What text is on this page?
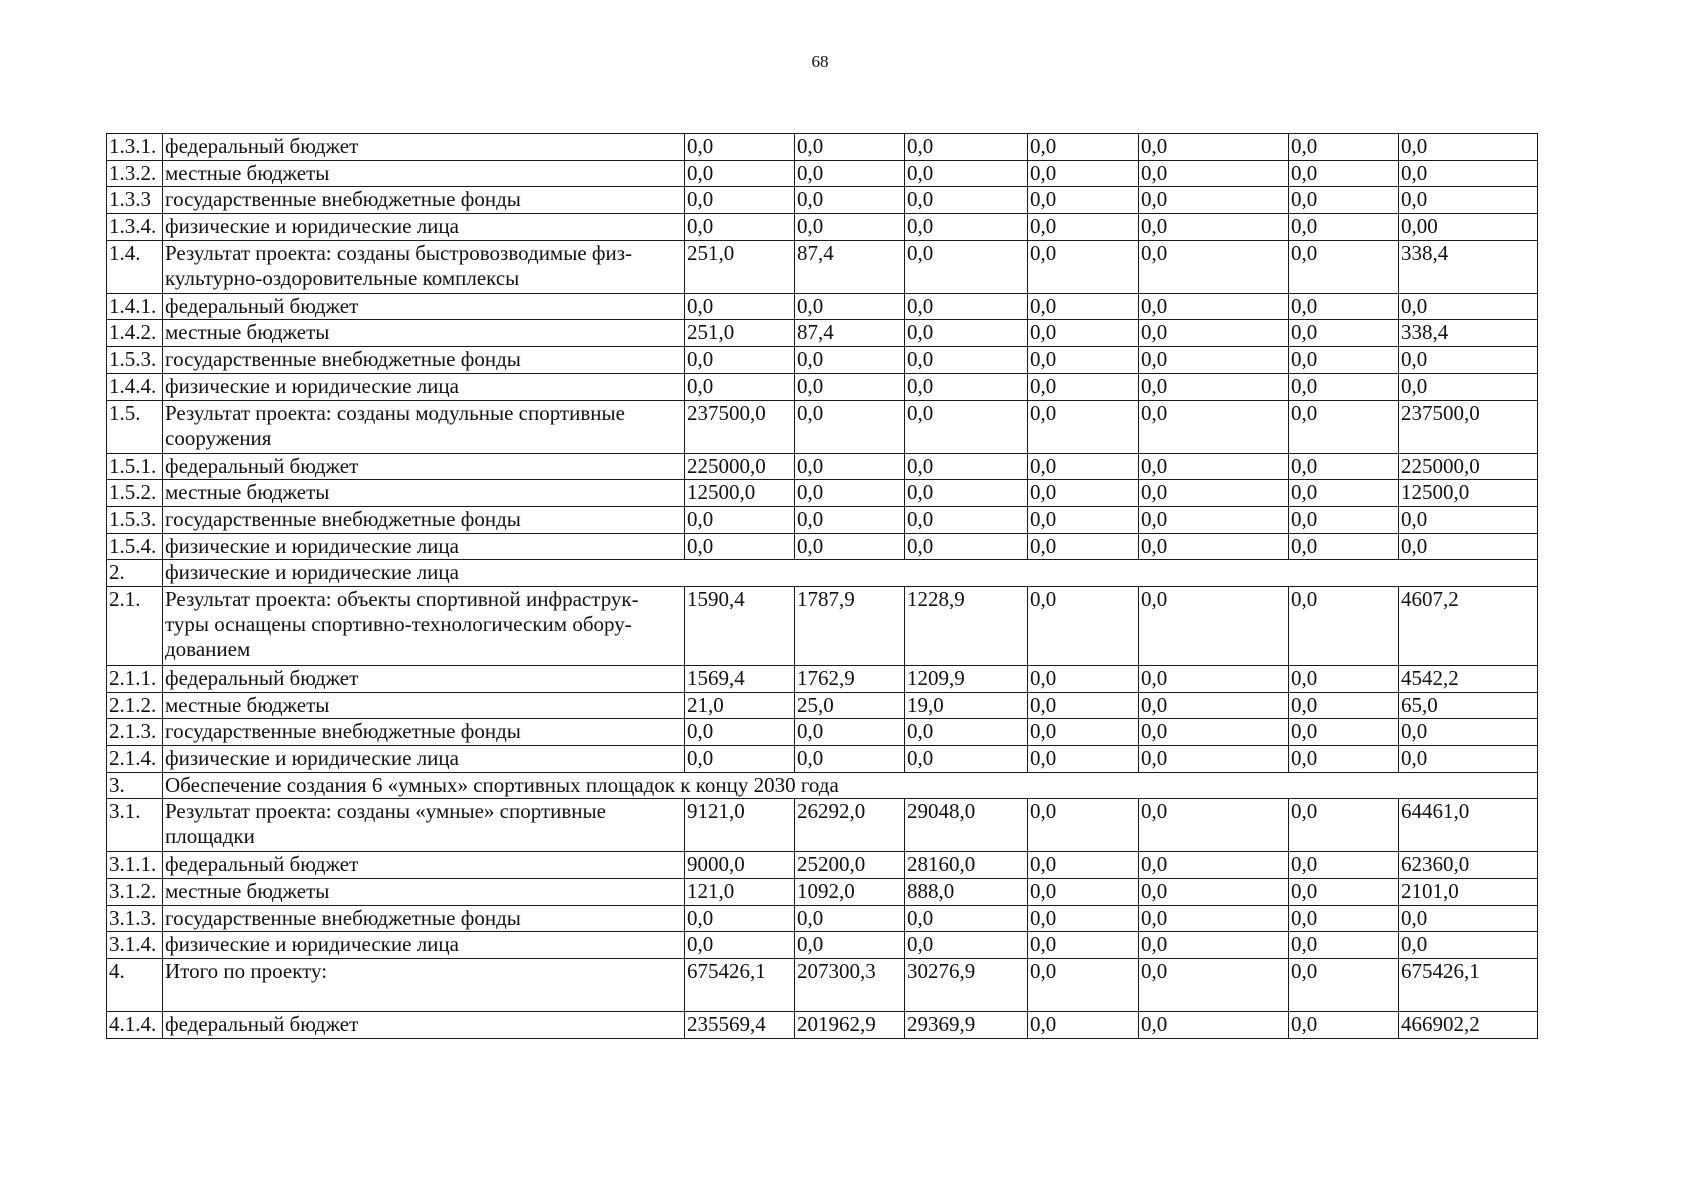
68
1.3.1.	федеральный бюджет	0,0	0,0	0,0	0,0	0,0	0,0	0,0
1.3.2.	местные бюджеты	0,0	0,0	0,0	0,0	0,0	0,0	0,0
1.3.3	государственные внебюджетные фонды	0,0	0,0	0,0	0,0	0,0	0,0	0,0
1.3.4.	физические и юридические лица	0,0	0,0	0,0	0,0	0,0	0,0	0,00
1.4.	Результат проекта: созданы быстровозводимые физ-культурно-оздоровительные комплексы	251,0	87,4	0,0	0,0	0,0	0,0	338,4
1.4.1.	федеральный бюджет	0,0	0,0	0,0	0,0	0,0	0,0	0,0
1.4.2.	местные бюджеты	251,0	87,4	0,0	0,0	0,0	0,0	338,4
1.5.3.	государственные внебюджетные фонды	0,0	0,0	0,0	0,0	0,0	0,0	0,0
1.4.4.	физические и юридические лица	0,0	0,0	0,0	0,0	0,0	0,0	0,0
1.5.	Результат проекта: созданы модульные спортивные сооружения	237500,0	0,0	0,0	0,0	0,0	0,0	237500,0
1.5.1.	федеральный бюджет	225000,0	0,0	0,0	0,0	0,0	0,0	225000,0
1.5.2.	местные бюджеты	12500,0	0,0	0,0	0,0	0,0	0,0	12500,0
1.5.3.	государственные внебюджетные фонды	0,0	0,0	0,0	0,0	0,0	0,0	0,0
1.5.4.	физические и юридические лица	0,0	0,0	0,0	0,0	0,0	0,0	0,0
2.	физические и юридические лица							
2.1.	Результат проекта: объекты спортивной инфраструк-туры оснащены спортивно-технологическим обору-дованием	1590,4	1787,9	1228,9	0,0	0,0	0,0	4607,2
2.1.1.	федеральный бюджет	1569,4	1762,9	1209,9	0,0	0,0	0,0	4542,2
2.1.2.	местные бюджеты	21,0	25,0	19,0	0,0	0,0	0,0	65,0
2.1.3.	государственные внебюджетные фонды	0,0	0,0	0,0	0,0	0,0	0,0	0,0
2.1.4.	физические и юридические лица	0,0	0,0	0,0	0,0	0,0	0,0	0,0
3.	Обеспечение создания 6 «умных» спортивных площадок к концу 2030 года							
3.1.	Результат проекта: созданы «умные» спортивные площадки	9121,0	26292,0	29048,0	0,0	0,0	0,0	64461,0
3.1.1.	федеральный бюджет	9000,0	25200,0	28160,0	0,0	0,0	0,0	62360,0
3.1.2.	местные бюджеты	121,0	1092,0	888,0	0,0	0,0	0,0	2101,0
3.1.3.	государственные внебюджетные фонды	0,0	0,0	0,0	0,0	0,0	0,0	0,0
3.1.4.	физические и юридические лица	0,0	0,0	0,0	0,0	0,0	0,0	0,0
4.	Итого по проекту:	675426,1	207300,3	30276,9	0,0	0,0	0,0	675426,1
4.1.4.	федеральный бюджет	235569,4	201962,9	29369,9	0,0	0,0	0,0	466902,2
